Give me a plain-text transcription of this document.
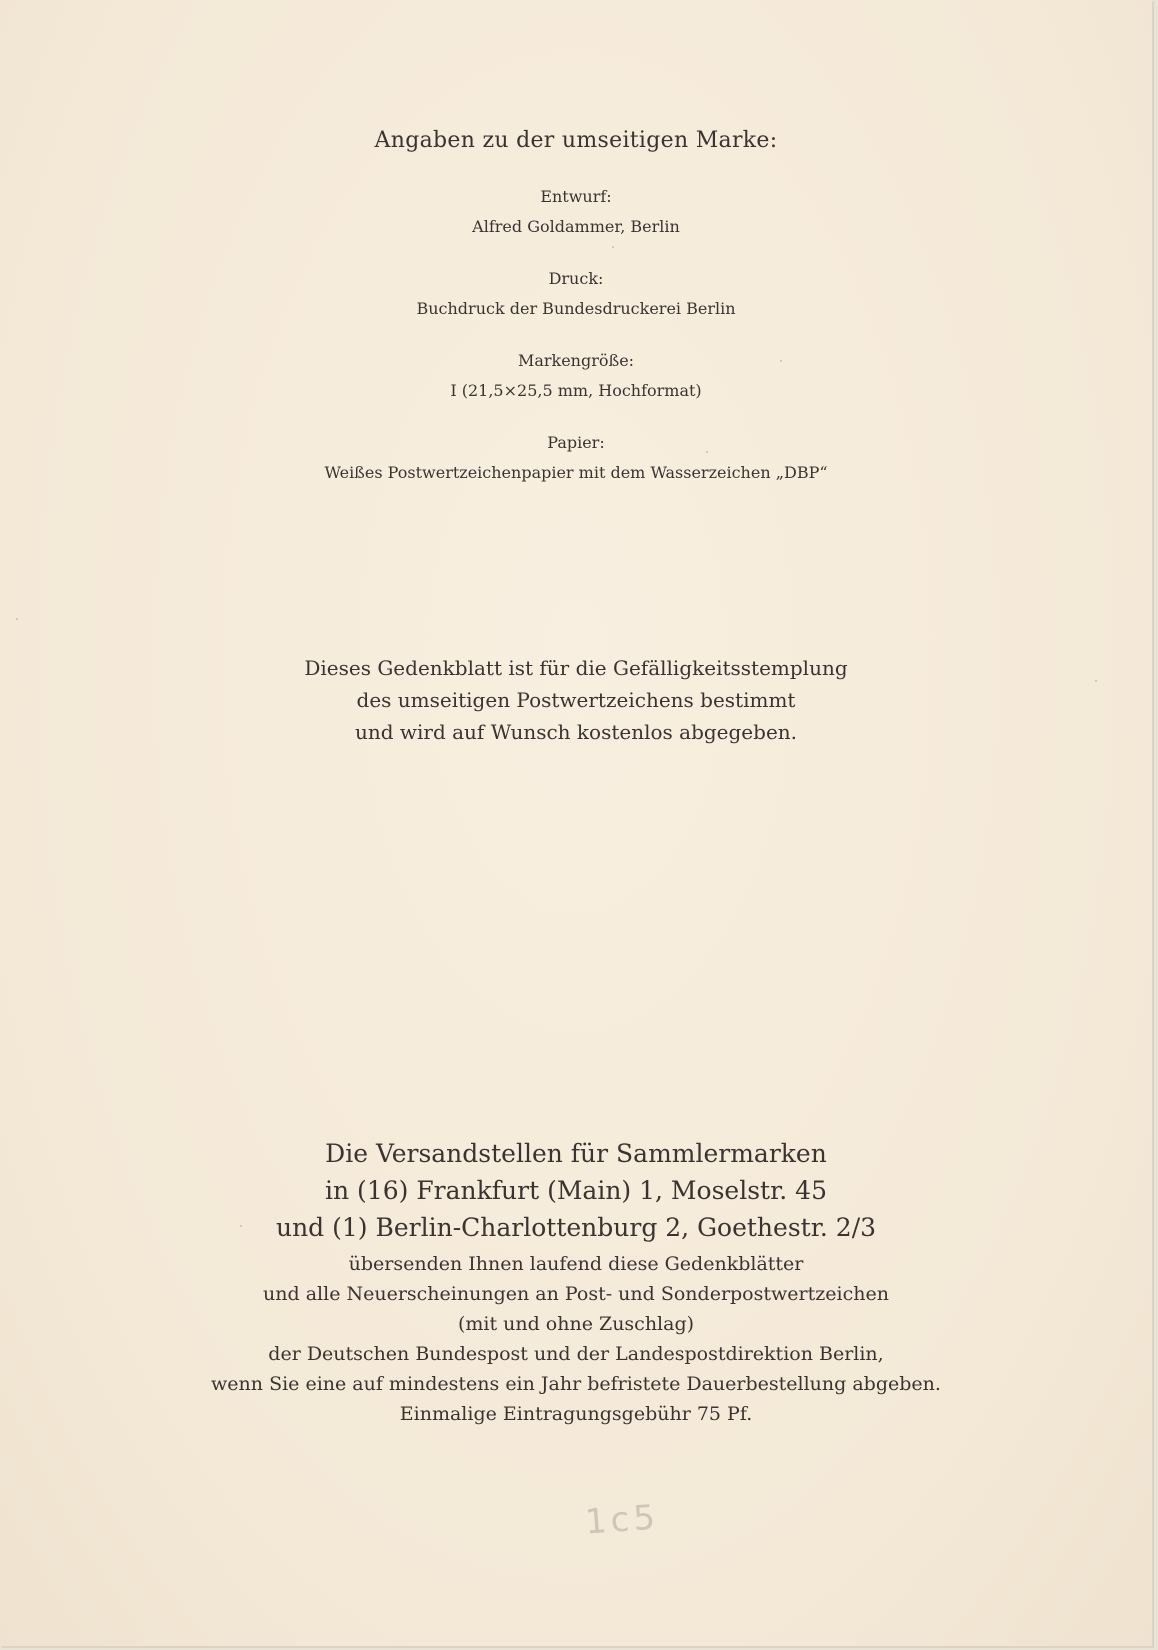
Angaben zu der umseitigen Marke:
Entwurf:
Alfred Goldammer, Berlin
Druck:
Buchdruck der Bundesdruckerei Berlin
Markengröße:
I (21,5×25,5 mm, Hochformat)
Papier:
Weißes Postwertzeichenpapier mit dem Wasserzeichen „DBP“
Dieses Gedenkblatt ist für die Gefälligkeitsstemplung
des umseitigen Postwertzeichens bestimmt
und wird auf Wunsch kostenlos abgegeben.
Die Versandstellen für Sammlermarken
in (16) Frankfurt (Main) 1, Moselstr. 45
und (1) Berlin-Charlottenburg 2, Goethestr. 2/3
übersenden Ihnen laufend diese Gedenkblätter
und alle Neuerscheinungen an Post- und Sonderpostwertzeichen
(mit und ohne Zuschlag)
der Deutschen Bundespost und der Landespostdirektion Berlin,
wenn Sie eine auf mindestens ein Jahr befristete Dauerbestellung abgeben.
Einmalige Eintragungsgebühr 75 Pf.
1c5
